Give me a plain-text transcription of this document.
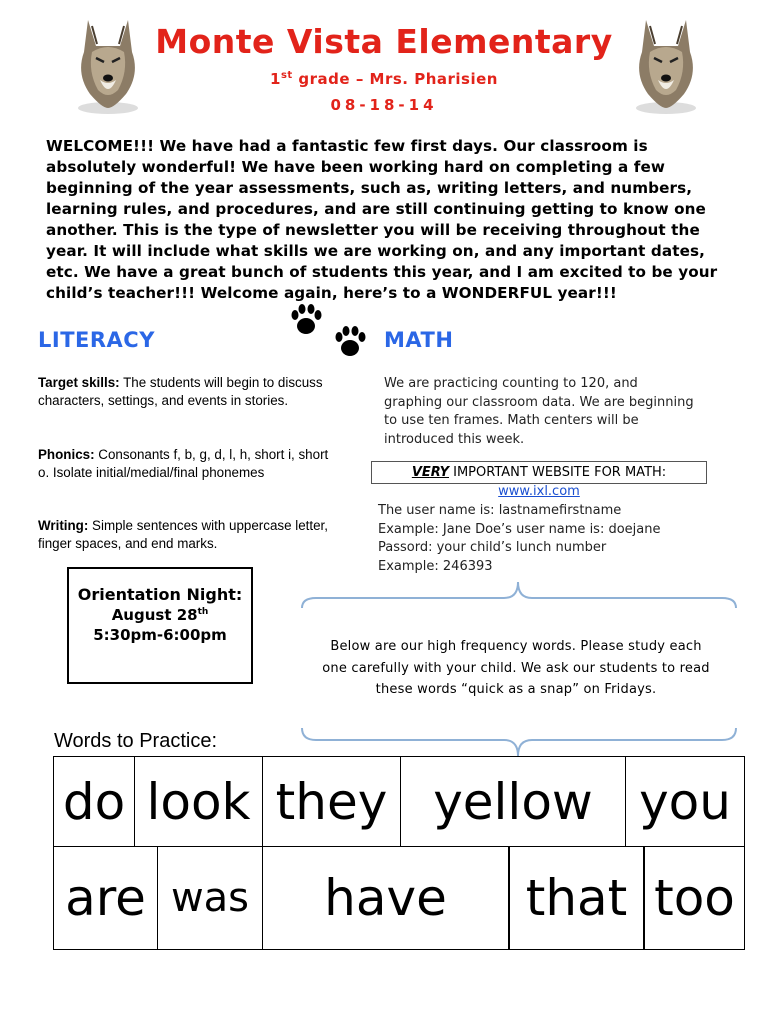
Monte Vista Elementary
1st grade – Mrs. Pharisien
08-18-14
WELCOME!!! We have had a fantastic few first days. Our classroom is absolutely wonderful! We have been working hard on completing a few beginning of the year assessments, such as, writing letters, and numbers, learning rules, and procedures, and are still continuing getting to know one another. This is the type of newsletter you will be receiving throughout the year. It will include what skills we are working on, and any important dates, etc. We have a great bunch of students this year, and I am excited to be your child’s teacher!!! Welcome again, here’s to a WONDERFUL year!!!
LITERACY
Target skills: The students will begin to discuss characters, settings, and events in stories.
Phonics: Consonants f, b, g, d, l, h, short i, short o. Isolate initial/medial/final phonemes
Writing: Simple sentences with uppercase letter, finger spaces, and end marks.
MATH
We are practicing counting to 120, and graphing our classroom data. We are beginning to use ten frames. Math centers will be introduced this week.
VERY IMPORTANT WEBSITE FOR MATH:
www.ixl.com
The user name is: lastnamefirstname
Example: Jane Doe’s user name is: doejane
Passord: your child’s lunch number
Example: 246393
Orientation Night:
August 28th
5:30pm-6:00pm
Below are our high frequency words. Please study each one carefully with your child. We ask our students to read these words “quick as a snap” on Fridays.
Words to Practice:
do look they yellow you
are was	have	that too
